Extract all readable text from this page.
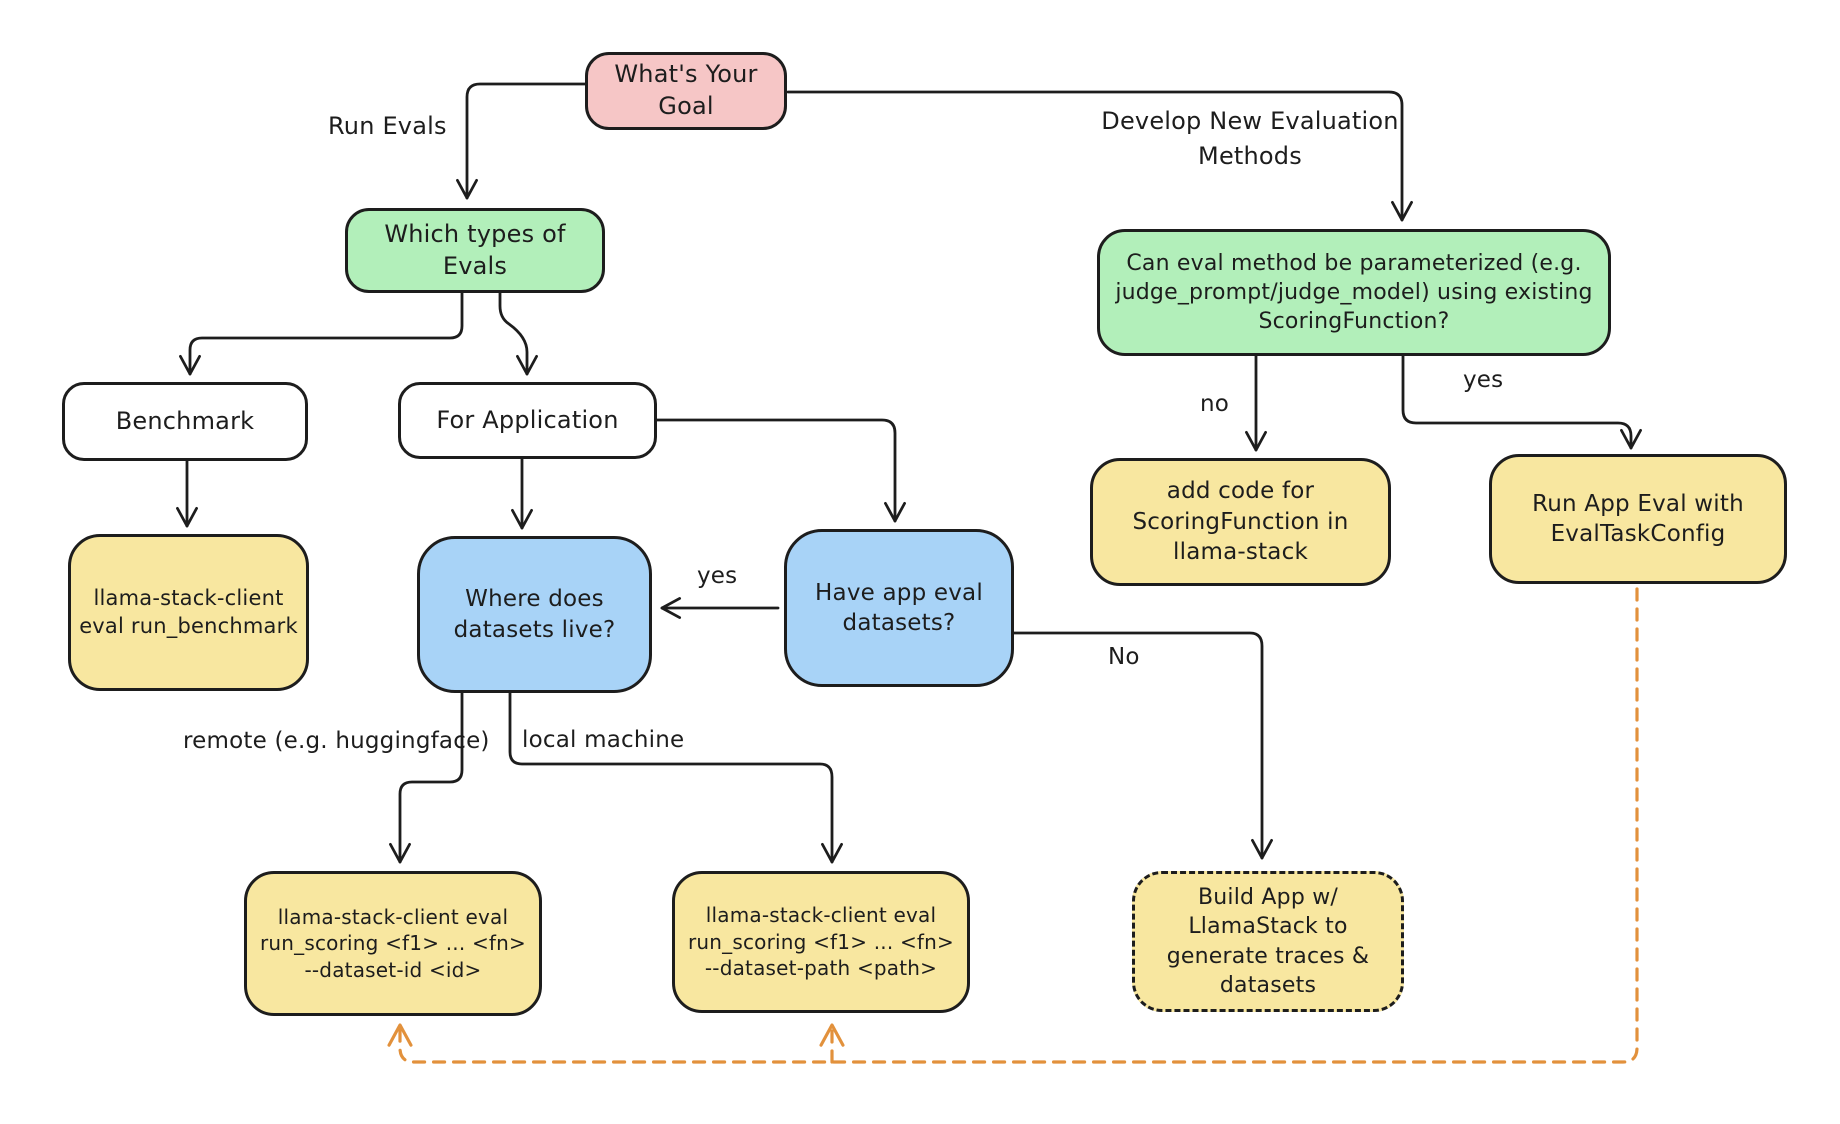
What's Your Goal
Which types of Evals
Benchmark	For Application
llama-stack-client eval run_benchmark
Where does datasets live?
Have app eval datasets?
Can eval method be parameterized (e.g. judge_prompt/judge_model) using existing ScoringFunction?
add code for ScoringFunction in llama-stack
Run App Eval with EvalTaskConfig
llama-stack-client eval run_scoring <f1> ... <fn> --dataset-id <id>
llama-stack-client eval run_scoring <f1> ... <fn> --dataset-path <path>
Build App w/ LlamaStack to generate traces & datasets
Run Evals	Develop New Evaluation Methods
yes
No
remote (e.g. huggingface) local machine
no
yes
